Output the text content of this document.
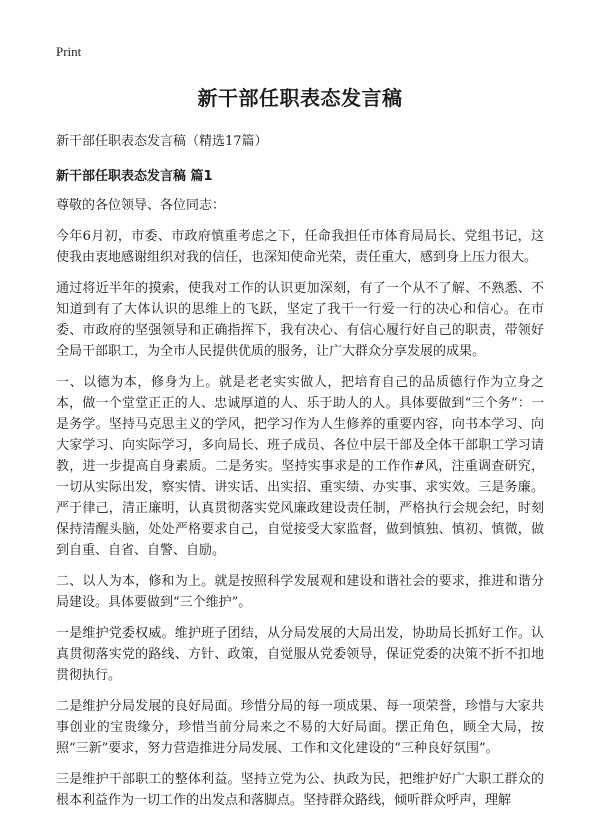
Print
新干部任职表态发言稿

新干部任职表态发言稿（精选17篇）

新干部任职表态发言稿 篇1

尊敬的各位领导、各位同志：

今年6月初，市委、市政府慎重考虑之下，任命我担任市体育局局长、党组书记，这使我由衷地感谢组织对我的信任，也深知使命光荣，责任重大，感到身上压力很大。

通过将近半年的摸索，使我对工作的认识更加深刻，有了一个从不了解、不熟悉、不知道到有了大体认识的思维上的飞跃，坚定了我干一行爱一行的决心和信心。在市委、市政府的坚强领导和正确指挥下，我有决心、有信心履行好自己的职责，带领好全局干部职工，为全市人民提供优质的服务，让广大群众分享发展的成果。

一、以德为本，修身为上。就是老老实实做人，把培育自己的品质德行作为立身之本，做一个堂堂正正的人、忠诚厚道的人、乐于助人的人。具体要做到“三个务”：一是务学。坚持马克思主义的学风，把学习作为人生修养的重要内容，向书本学习、向大家学习、向实际学习，多向局长、班子成员、各位中层干部及全体干部职工学习请教，进一步提高自身素质。二是务实。坚持实事求是的工作作#风，注重调查研究，一切从实际出发，察实情、讲实话、出实招、重实绩、办实事、求实效。三是务廉。严于律己，清正廉明，认真贯彻落实党风廉政建设责任制，严格执行会规会纪，时刻保持清醒头脑，处处严格要求自己，自觉接受大家监督，做到慎独、慎初、慎微，做到自重、自省、自警、自励。

二、以人为本，修和为上。就是按照科学发展观和建设和谐社会的要求，推进和谐分局建设。具体要做到“三个维护”。

一是维护党委权威。维护班子团结，从分局发展的大局出发，协助局长抓好工作。认真贯彻落实党的路线、方针、政策，自觉服从党委领导，保证党委的决策不折不扣地贯彻执行。

二是维护分局发展的良好局面。珍惜分局的每一项成果、每一项荣誉，珍惜与大家共事创业的宝贵缘分，珍惜当前分局来之不易的大好局面。摆正角色，顾全大局，按照“三新”要求，努力营造推进分局发展、工作和文化建设的“三种良好氛围”。

三是维护干部职工的整体利益。坚持立党为公、执政为民，把维护好广大职工群众的根本利益作为一切工作的出发点和落脚点。坚持群众路线，倾听群众呼声，理解
